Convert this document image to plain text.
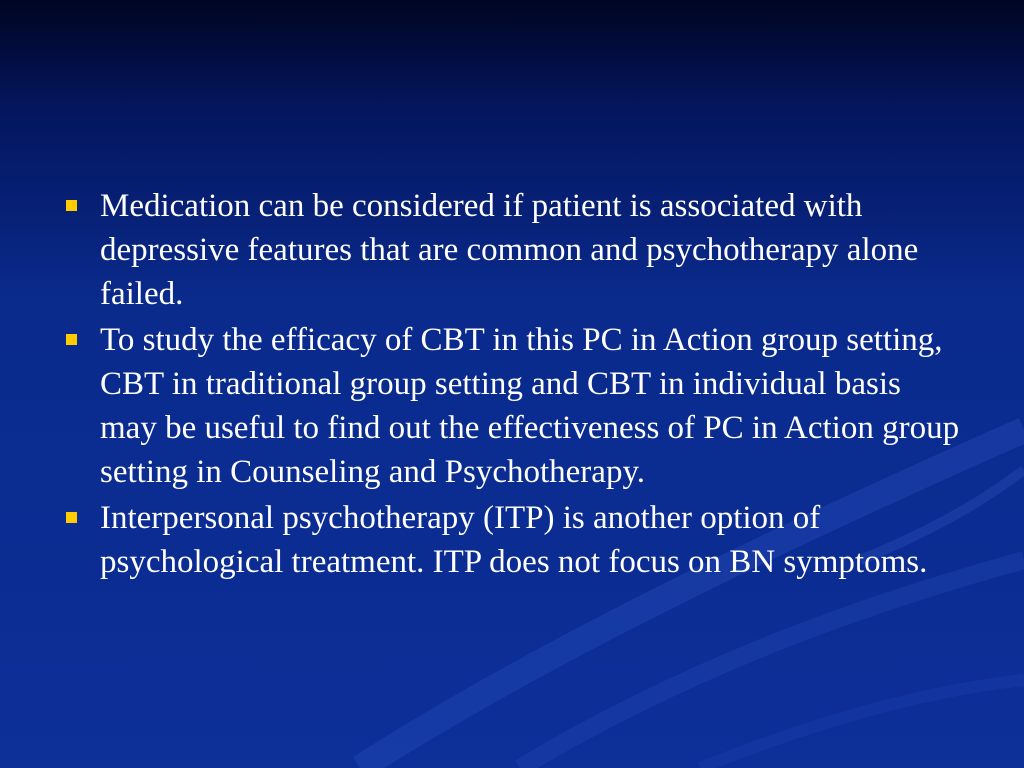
Medication can be considered if patient is associated with depressive features that are common and psychotherapy alone failed.
To study the efficacy of CBT in this PC in Action group setting, CBT in traditional group setting and CBT in individual basis may be useful to find out the effectiveness of PC in Action group setting in Counseling and Psychotherapy.
Interpersonal psychotherapy (ITP) is another option of psychological treatment. ITP does not focus on BN symptoms.
